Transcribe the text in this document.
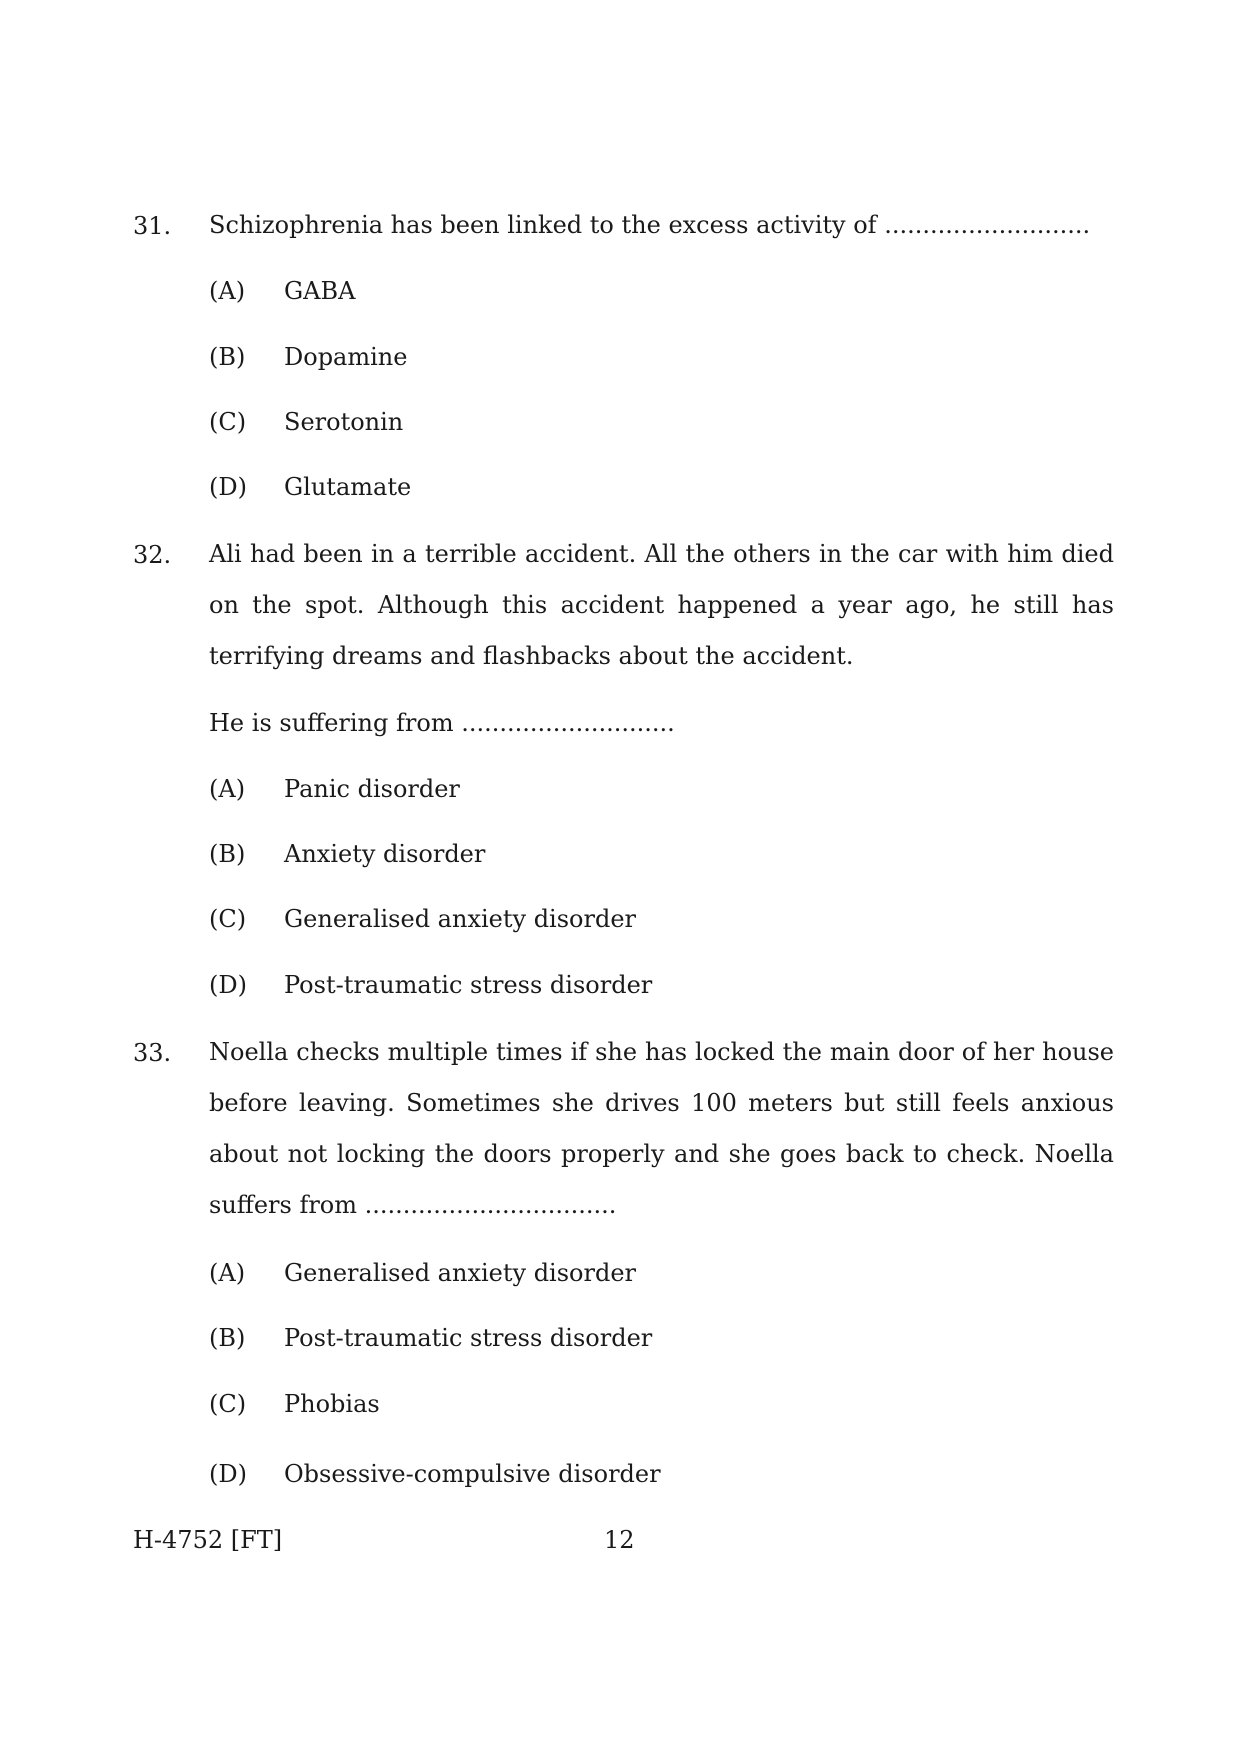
31. Schizophrenia has been linked to the excess activity of ...........................
(A) GABA
(B) Dopamine
(C) Serotonin
(D) Glutamate
32. Ali had been in a terrible accident. All the others in the car with him died on the spot. Although this accident happened a year ago, he still has terrifying dreams and flashbacks about the accident.
He is suffering from ............................
(A) Panic disorder
(B) Anxiety disorder
(C) Generalised anxiety disorder
(D) Post-traumatic stress disorder
33. Noella checks multiple times if she has locked the main door of her house before leaving. Sometimes she drives 100 meters but still feels anxious about not locking the doors properly and she goes back to check. Noella suffers from .................................
(A) Generalised anxiety disorder
(B) Post-traumatic stress disorder
(C) Phobias
(D) Obsessive-compulsive disorder
H-4752 [FT]	12
